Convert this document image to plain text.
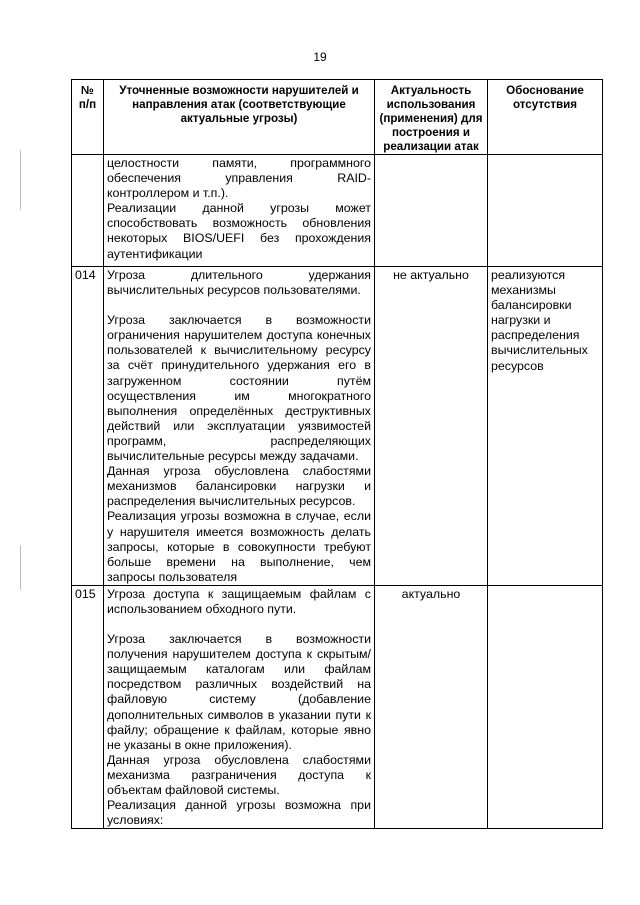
19
№ п/п	Уточненные возможности нарушителей и направления атак (соответствующие актуальные угрозы)	Актуальность использования (применения) для построения и реализации атак	Обоснование отсутствия

	целостности памяти, программного обеспечения управления RAID-контроллером и т.п.).

Реализации данной угрозы может способствовать возможность обновления некоторых BIOS/UEFI без прохождения аутентификации		

014	Угроза длительного удержания вычислительных ресурсов пользователями.

Угроза заключается в возможности ограничения нарушителем доступа конечных пользователей к вычислительному ресурсу за счёт принудительного удержания его в загруженном состоянии путём осуществления им многократного выполнения определённых деструктивных действий или эксплуатации уязвимостей программ, распределяющих вычислительные ресурсы между задачами.

Данная угроза обусловлена слабостями механизмов балансировки нагрузки и распределения вычислительных ресурсов.

Реализация угрозы возможна в случае, если у нарушителя имеется возможность делать запросы, которые в совокупности требуют больше времени на выполнение, чем запросы пользователя	не актуально	реализуются механизмы балансировки нагрузки и распределения вычислительных ресурсов
015	Угроза доступа к защищаемым файлам с использованием обходного пути.

Угроза заключается в возможности получения нарушителем доступа к скрытым/защищаемым каталогам или файлам посредством различных воздействий на файловую систему (добавление дополнительных символов в указании пути к файлу; обращение к файлам, которые явно не указаны в окне приложения).

Данная угроза обусловлена слабостями механизма разграничения доступа к объектам файловой системы.

Реализация данной угрозы возможна при условиях:	актуально	
